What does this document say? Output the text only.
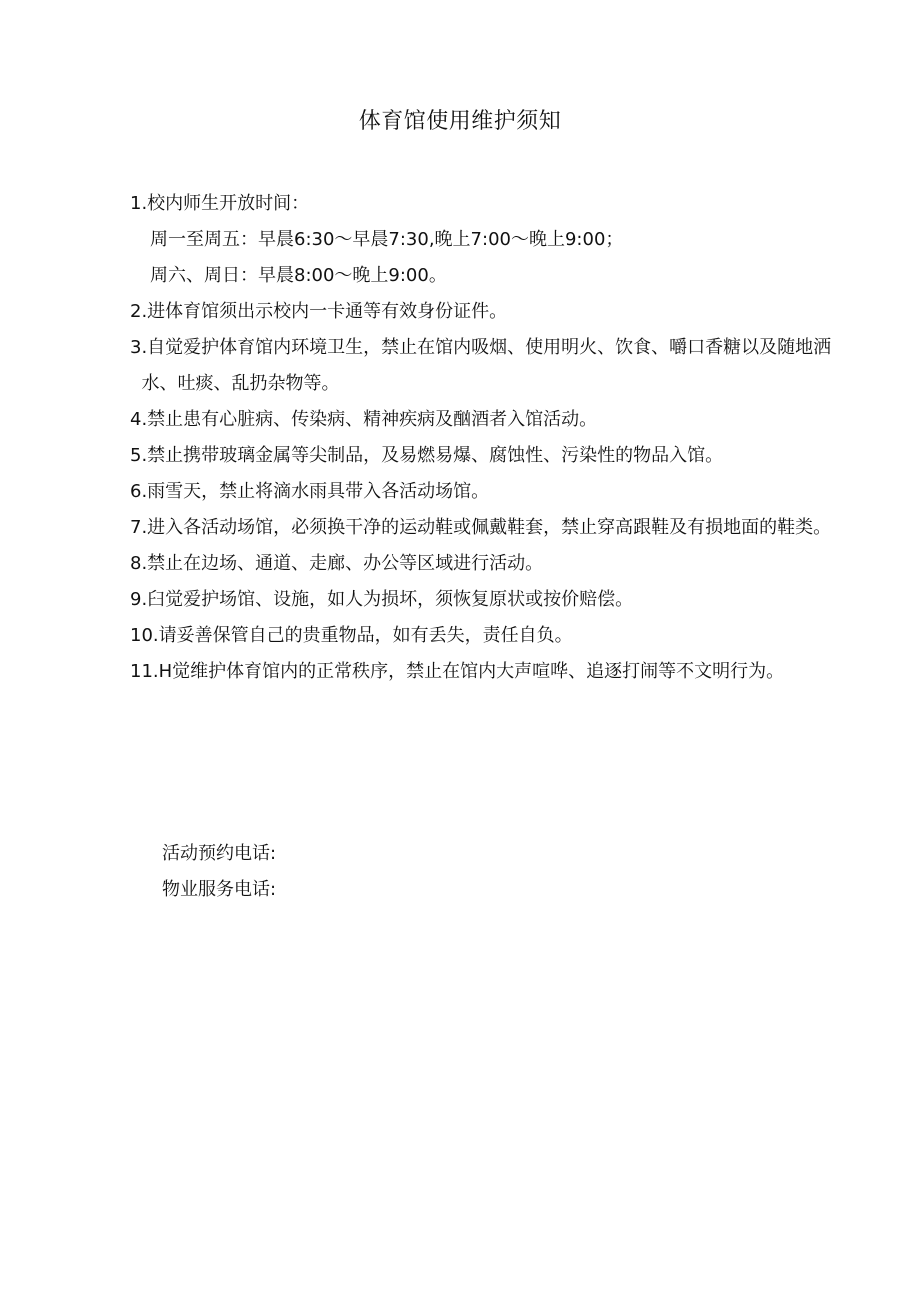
体育馆使用维护须知

1.校内师生开放时间：

周一至周五：早晨6:30～早晨7:30,晚上7:00～晚上9:00；

周六、周日：早晨8:00～晚上9:00。

2 .进体育馆须出示校内一卡通等有效身份证件。
3 .自觉爱护体育馆内环境卫生，禁止在馆内吸烟、使用明火、饮食、嚼口香糖以及随地洒水、吐痰、乱扔杂物等。
4 .禁止患有心脏病、传染病、精神疾病及酗酒者入馆活动。
5 .禁止携带玻璃金属等尖制品，及易燃易爆、腐蚀性、污染性的物品入馆。
6 .雨雪天，禁止将滴水雨具带入各活动场馆。
7 .进入各活动场馆，必须换干净的运动鞋或佩戴鞋套，禁止穿高跟鞋及有损地面的鞋类。
8 .禁止在边场、通道、走廊、办公等区域进行活动。
9 .臼觉爱护场馆、设施，如人为损坏，须恢复原状或按价赔偿。
10 .请妥善保管自己的贵重物品，如有丢失，责任自负。
11 .H觉维护体育馆内的正常秩序，禁止在馆内大声喧哗、追逐打闹等不文明行为。

活动预约电话:

物业服务电话:
